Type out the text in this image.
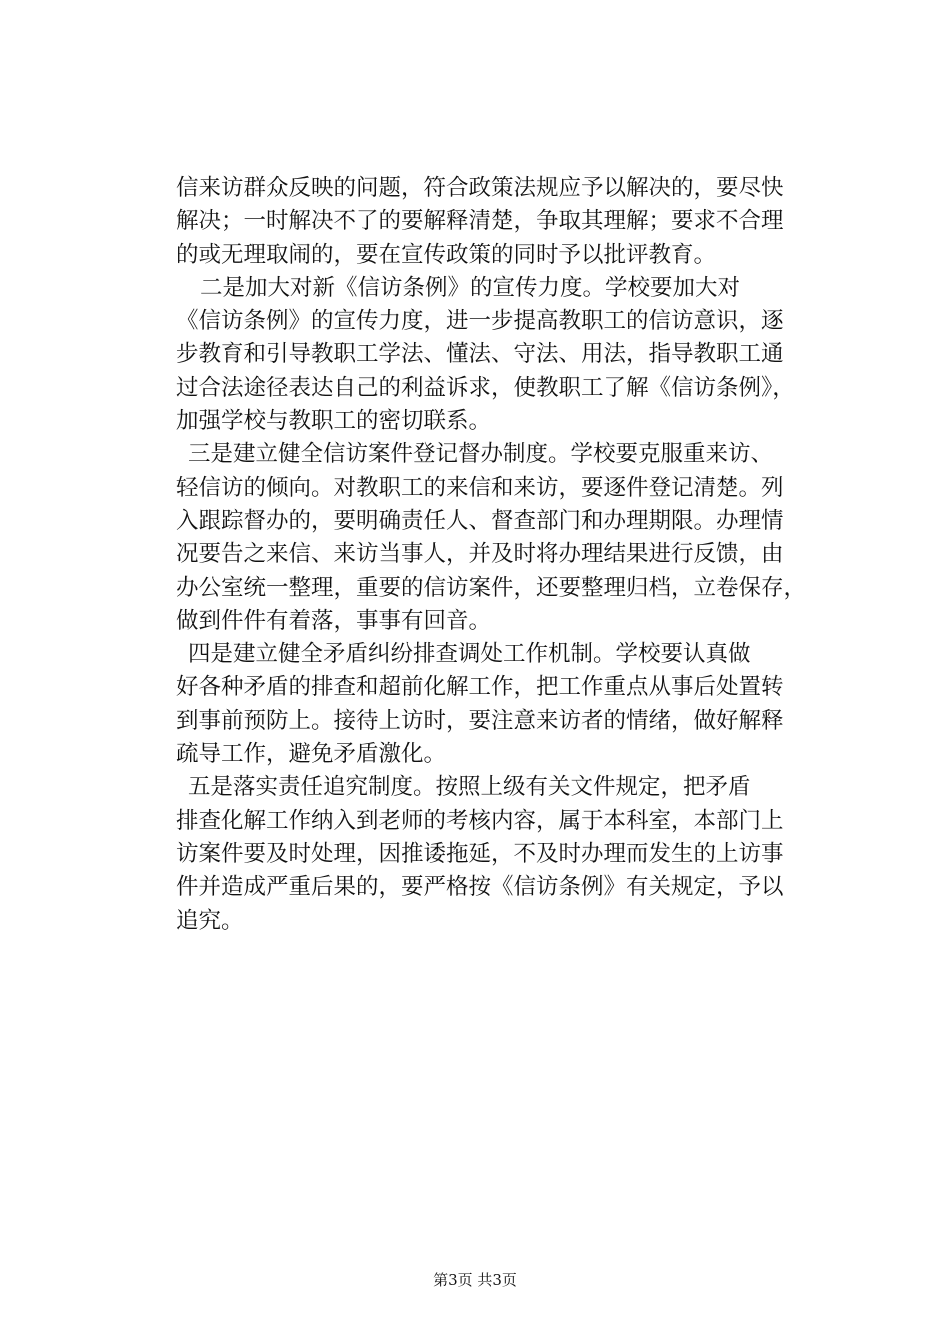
信来访群众反映的问题，符合政策法规应予以解决的，要尽快
解决；一时解决不了的要解释清楚，争取其理解；要求不合理
的或无理取闹的，要在宣传政策的同时予以批评教育。
二是加大对新《信访条例》的宣传力度。学校要加大对
《信访条例》的宣传力度，进一步提高教职工的信访意识，逐
步教育和引导教职工学法、懂法、守法、用法，指导教职工通
过合法途径表达自己的利益诉求，使教职工了解《信访条例》，
加强学校与教职工的密切联系。
三是建立健全信访案件登记督办制度。学校要克服重来访、
轻信访的倾向。对教职工的来信和来访，要逐件登记清楚。列
入跟踪督办的，要明确责任人、督查部门和办理期限。办理情
况要告之来信、来访当事人，并及时将办理结果进行反馈，由
办公室统一整理，重要的信访案件，还要整理归档，立卷保存，
做到件件有着落，事事有回音。
四是建立健全矛盾纠纷排查调处工作机制。学校要认真做
好各种矛盾的排查和超前化解工作，把工作重点从事后处置转
到事前预防上。接待上访时，要注意来访者的情绪，做好解释
疏导工作，避免矛盾激化。
五是落实责任追究制度。按照上级有关文件规定，把矛盾
排查化解工作纳入到老师的考核内容，属于本科室，本部门上
访案件要及时处理，因推诿拖延，不及时办理而发生的上访事
件并造成严重后果的，要严格按《信访条例》有关规定，予以
追究。
第3页 共3页
